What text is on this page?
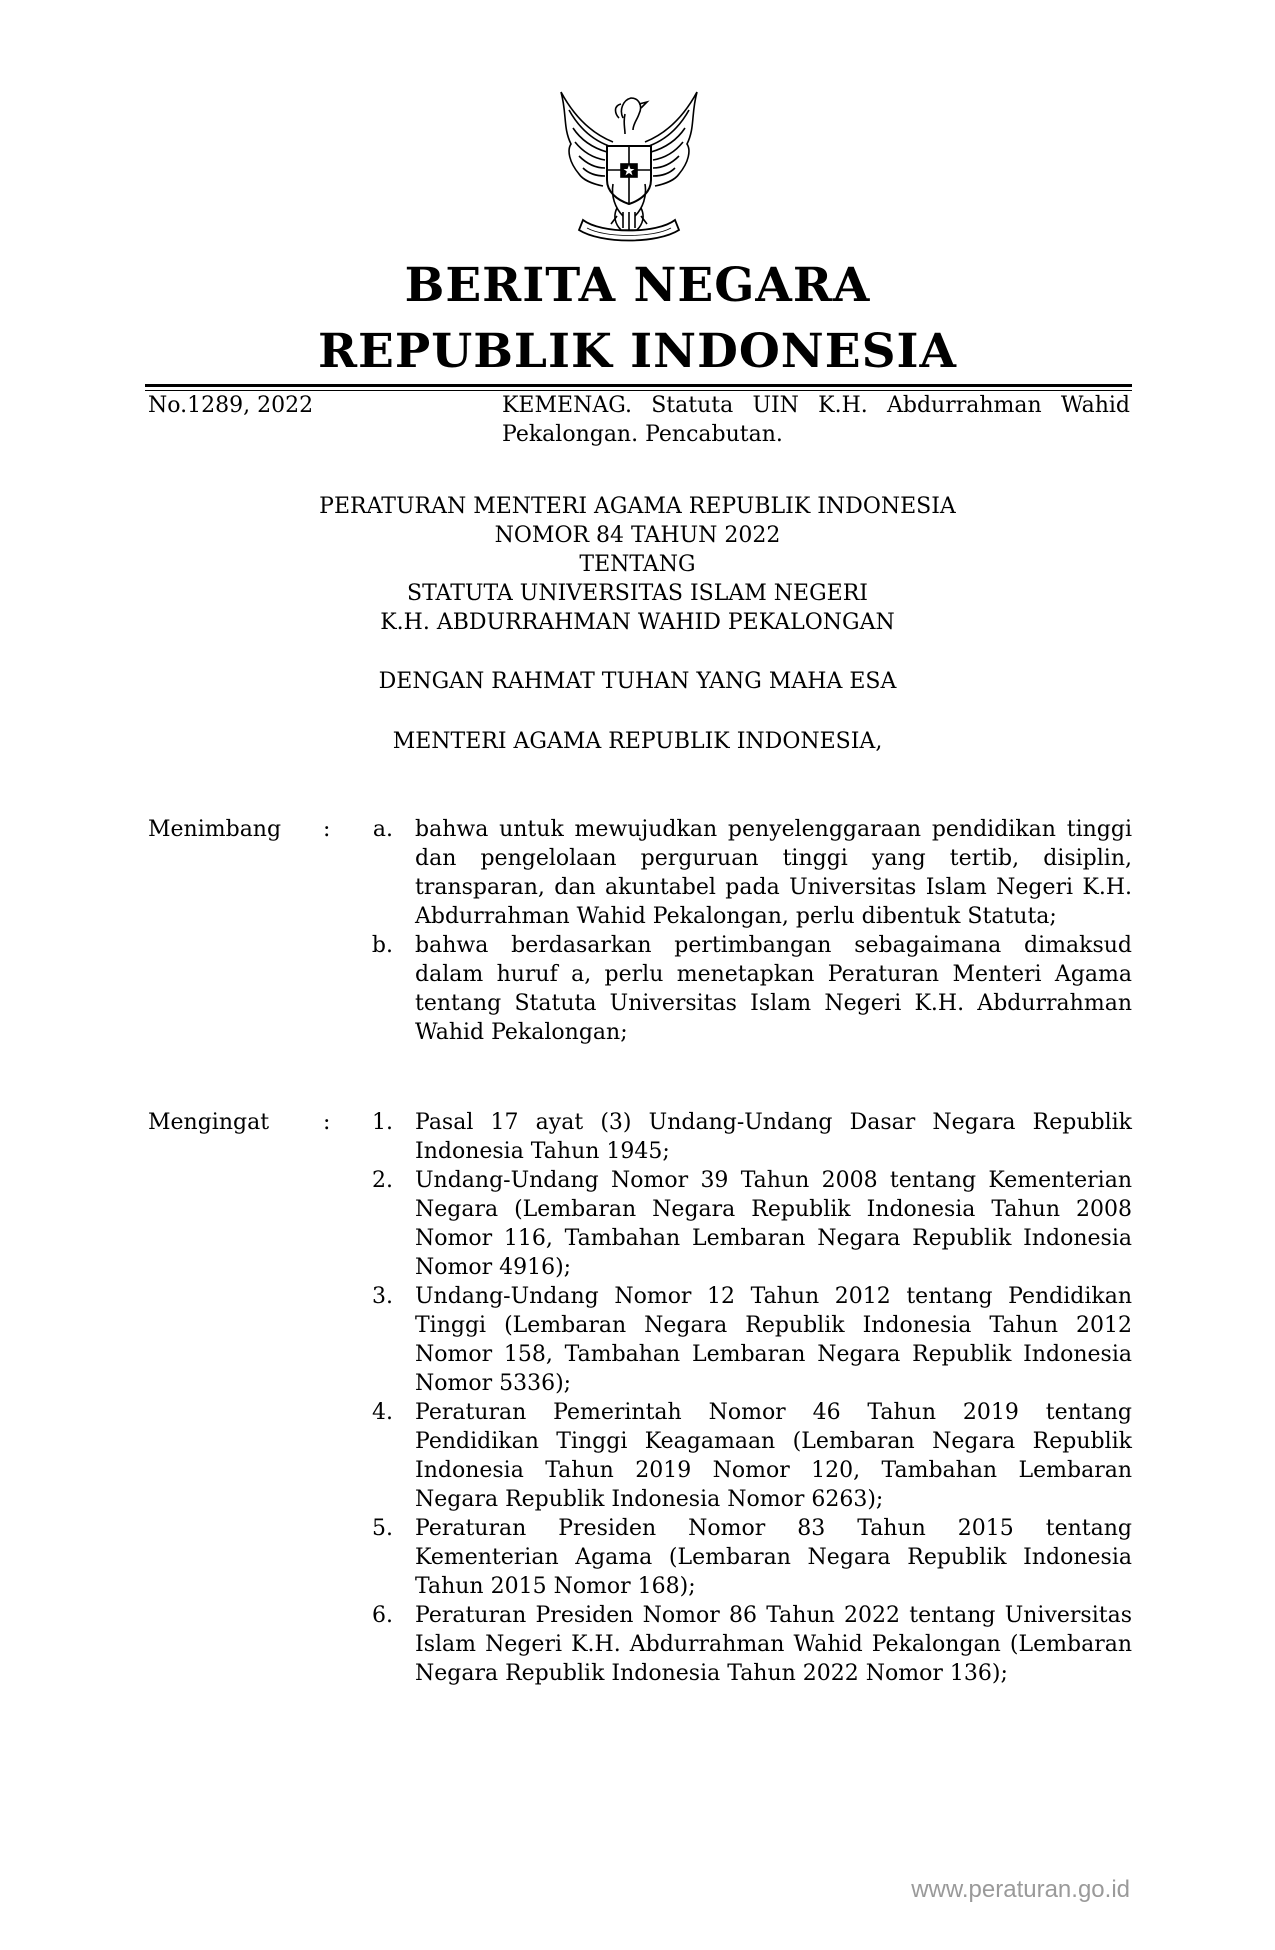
BERITA NEGARA
REPUBLIK INDONESIA
No.1289, 2022	KEMENAG. Statuta UIN K.H. Abdurrahman Wahid Pekalongan. Pencabutan.
PERATURAN MENTERI AGAMA REPUBLIK INDONESIA
NOMOR 84 TAHUN 2022
TENTANG
STATUTA UNIVERSITAS ISLAM NEGERI
K.H. ABDURRAHMAN WAHID PEKALONGAN
DENGAN RAHMAT TUHAN YANG MAHA ESA
MENTERI AGAMA REPUBLIK INDONESIA,
Menimbang :	a. bahwa untuk mewujudkan penyelenggaraan pendidikan tinggi dan pengelolaan perguruan tinggi yang tertib, disiplin, transparan, dan akuntabel pada Universitas Islam Negeri K.H. Abdurrahman Wahid Pekalongan, perlu dibentuk Statuta;
b. bahwa berdasarkan pertimbangan sebagaimana dimaksud dalam huruf a, perlu menetapkan Peraturan Menteri Agama tentang Statuta Universitas Islam Negeri K.H. Abdurrahman Wahid Pekalongan;
Mengingat :	1. Pasal 17 ayat (3) Undang-Undang Dasar Negara Republik Indonesia Tahun 1945;
2. Undang-Undang Nomor 39 Tahun 2008 tentang Kementerian Negara (Lembaran Negara Republik Indonesia Tahun 2008 Nomor 116, Tambahan Lembaran Negara Republik Indonesia Nomor 4916);
3. Undang-Undang Nomor 12 Tahun 2012 tentang Pendidikan Tinggi (Lembaran Negara Republik Indonesia Tahun 2012 Nomor 158, Tambahan Lembaran Negara Republik Indonesia Nomor 5336);
4. Peraturan Pemerintah Nomor 46 Tahun 2019 tentang Pendidikan Tinggi Keagamaan (Lembaran Negara Republik Indonesia Tahun 2019 Nomor 120, Tambahan Lembaran Negara Republik Indonesia Nomor 6263);
5. Peraturan Presiden Nomor 83 Tahun 2015 tentang Kementerian Agama (Lembaran Negara Republik Indonesia Tahun 2015 Nomor 168);
6. Peraturan Presiden Nomor 86 Tahun 2022 tentang Universitas Islam Negeri K.H. Abdurrahman Wahid Pekalongan (Lembaran Negara Republik Indonesia Tahun 2022 Nomor 136);
www.peraturan.go.id
